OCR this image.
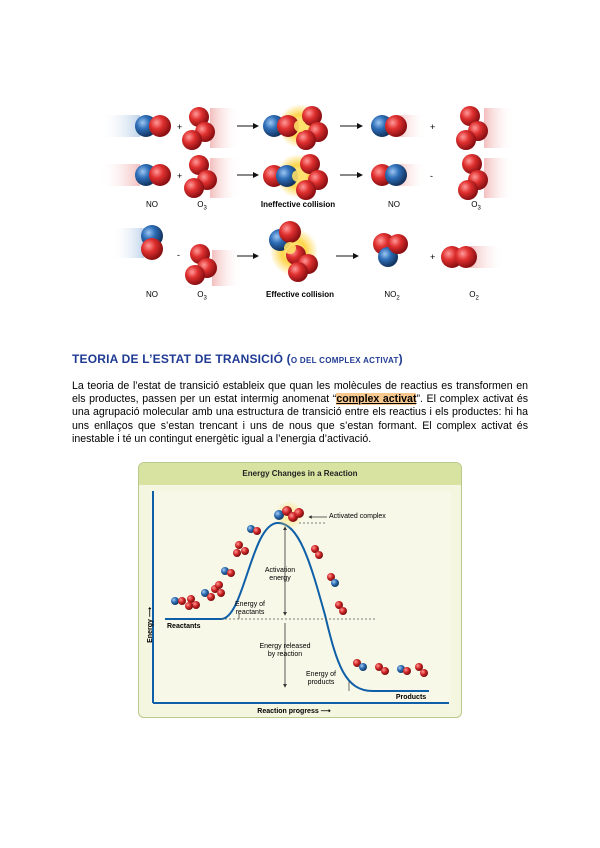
+	+
+	-
-	+
NO	$O_3$	Ineffective collision	NO	$O_3$
NO	$O_3$	Effective collision	$NO_2$	$O_2$
TEORIA DE L’ESTAT DE TRANSICIÓ (O DEL COMPLEX ACTIVAT)
La teoria de l’estat de transició estableix que quan les molècules de reactius es transformen en els productes, passen per un estat intermig anomenat “complex activat”. El complex activat és una agrupació molecular amb una estructura de transició entre els reactius i els productes: hi ha uns enllaços que s’estan trencant i uns de nous que s’estan formant. El complex activat és inestable i té un contingut energètic igual a l’energia d’activació.
Energy Changes in a Reaction
Activated complex
Activation
energy
Energy of
reactants
Energy released
by reaction
Energy of
products
Reactants
Products
Reaction progress ⟶
Energy ⟶
